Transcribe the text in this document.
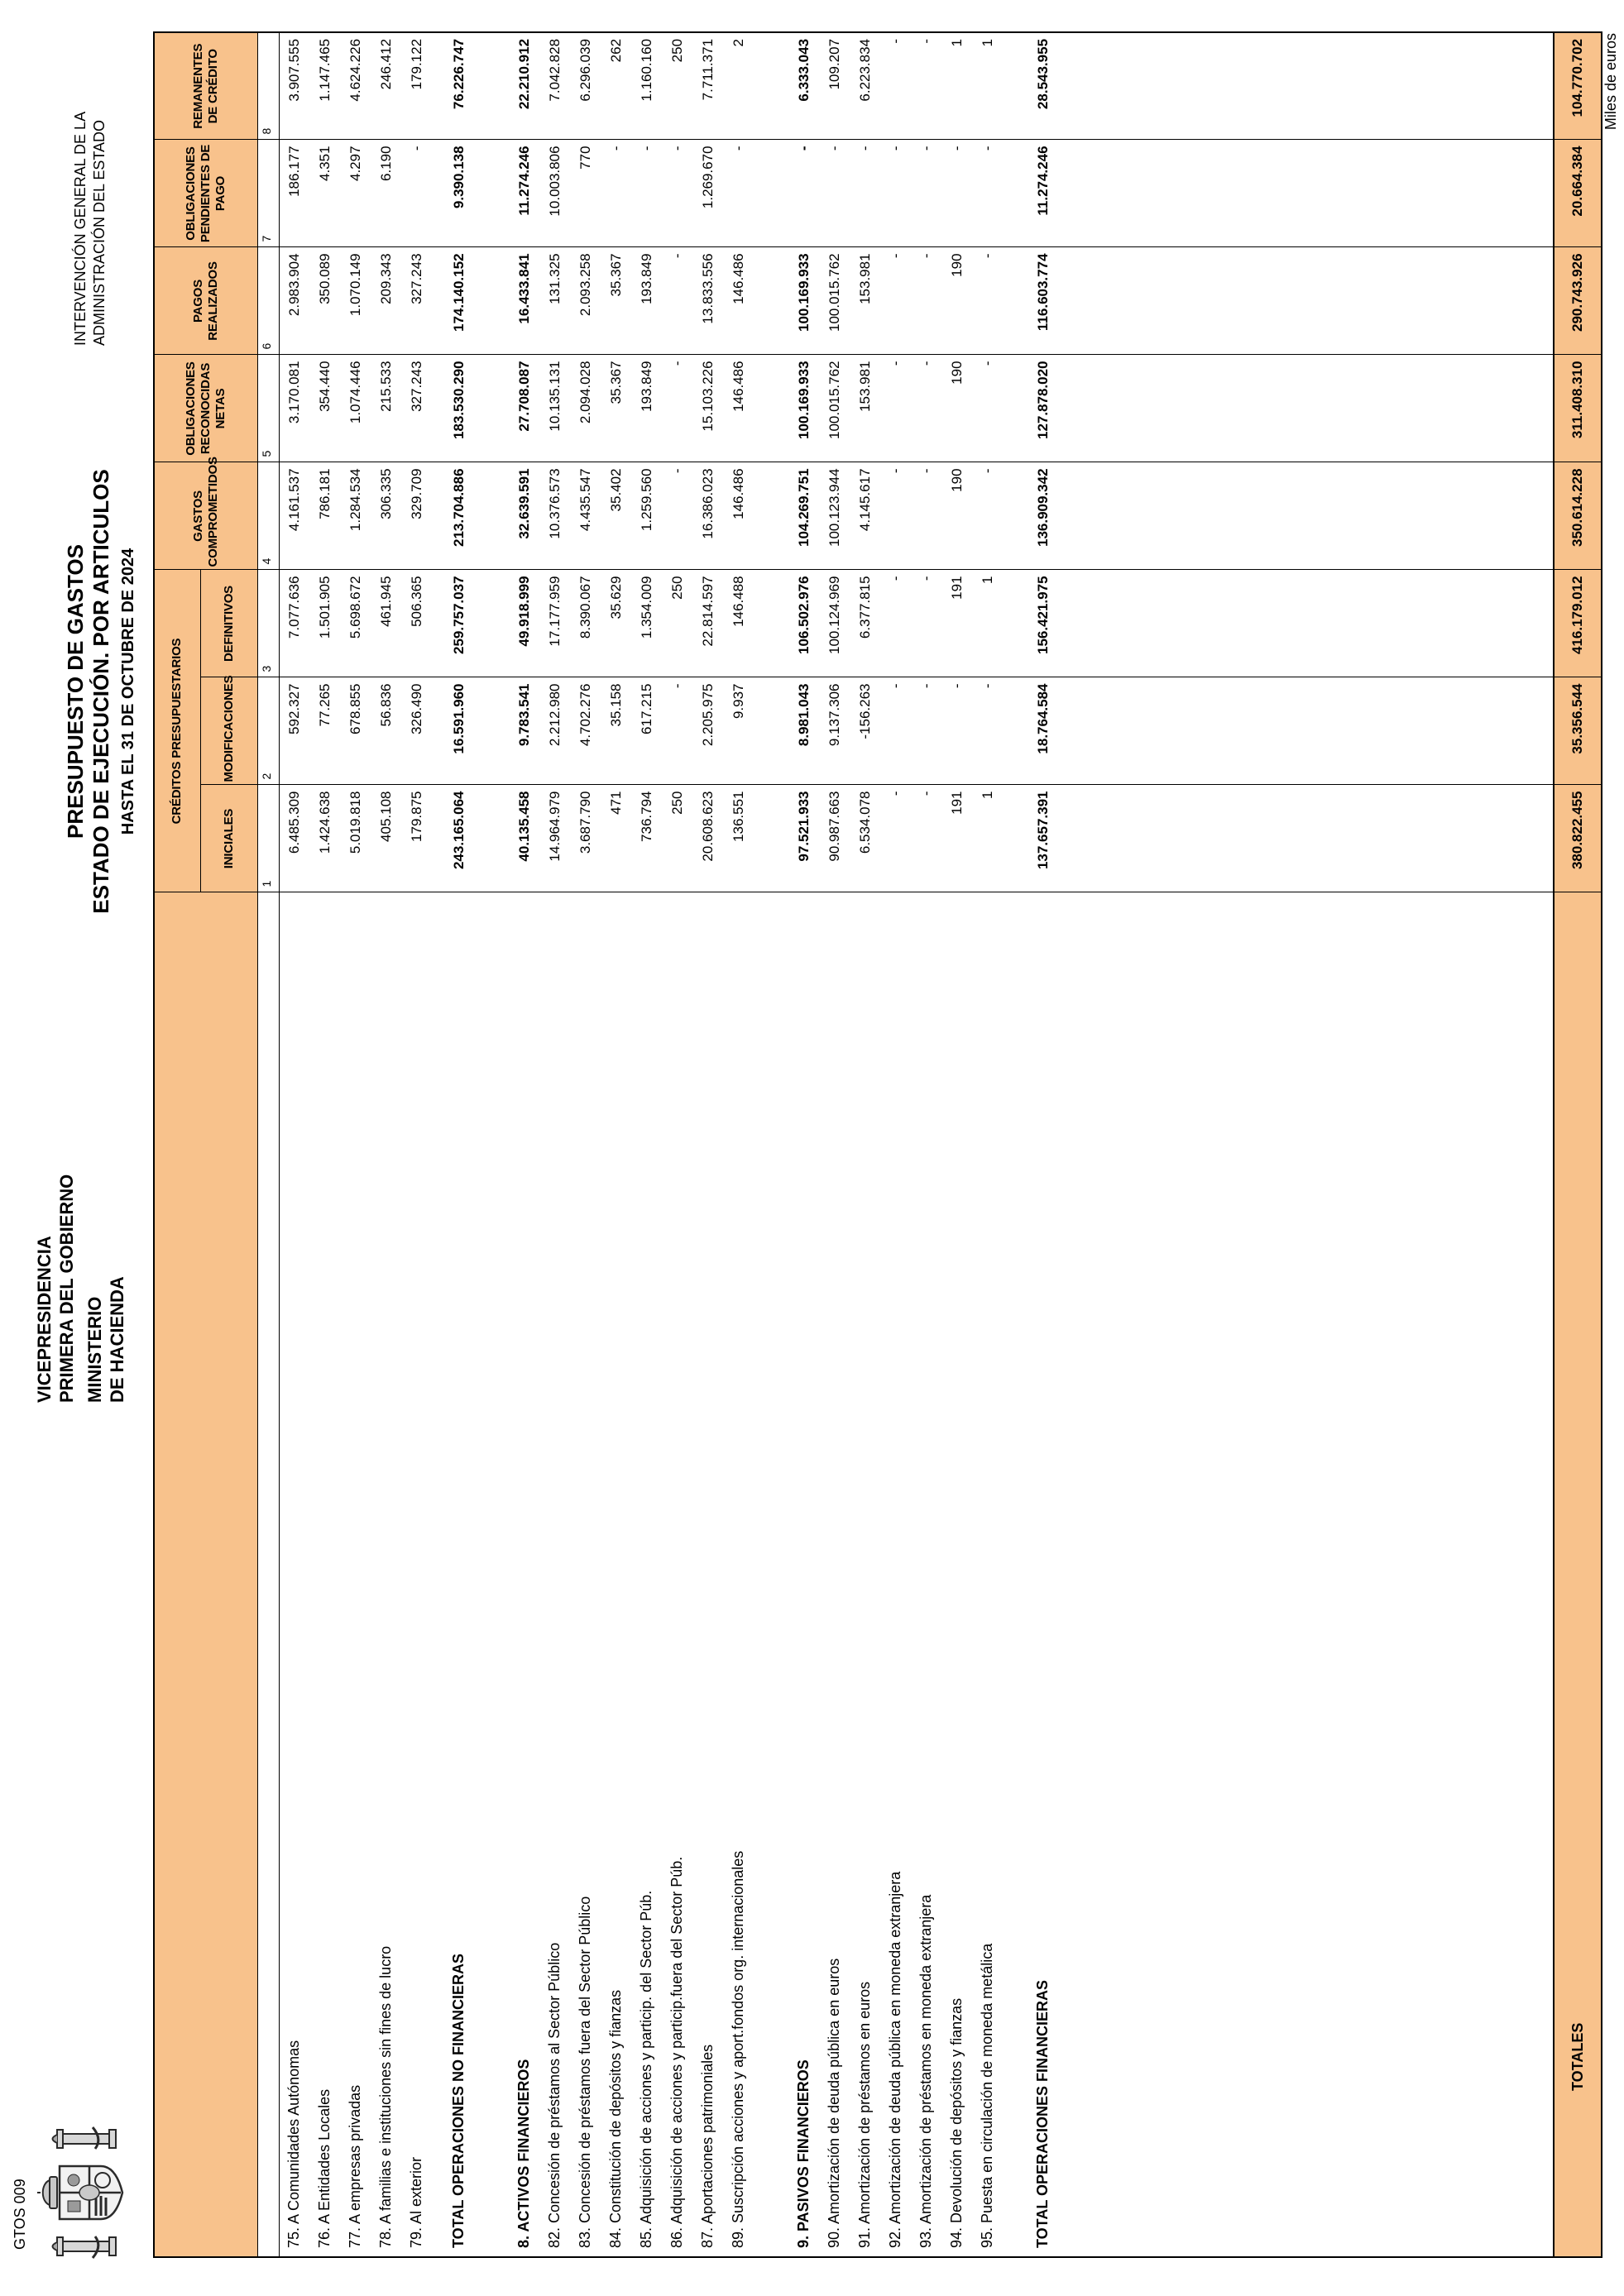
GTOS 009
VICEPRESIDENCIA PRIMERA DEL GOBIERNO MINISTERIO DE HACIENDA
PRESUPUESTO DE GASTOS ESTADO DE EJECUCIÓN. POR ARTICULOS HASTA EL 31 DE OCTUBRE DE 2024
INTERVENCIÓN GENERAL DE LA ADMINISTRACIÓN DEL ESTADO
Miles de euros
	CRÉDITOS PRESUPUESTARIOS			GASTOS COMPROMETIDOS	OBLIGACIONES RECONOCIDAS NETAS	PAGOS REALIZADOS	OBLIGACIONES PENDIENTES DE PAGO	REMANENTES DE CRÉDITO
	INICIALES	MODIFICACIONES	DEFINITIVOS					
	1	2	3	4	5	6	7	8
75. A Comunidades Autónomas	6.485.309	592.327	7.077.636	4.161.537	3.170.081	2.983.904	186.177	3.907.555
76. A Entidades Locales	1.424.638	77.265	1.501.905	786.181	354.440	350.089	4.351	1.147.465
77. A empresas privadas	5.019.818	678.855	5.698.672	1.284.534	1.074.446	1.070.149	4.297	4.624.226
78. A familias e instituciones sin fines de lucro	405.108	56.836	461.945	306.335	215.533	209.343	6.190	246.412
79. Al exterior	179.875	326.490	506.365	329.709	327.243	327.243	-	179.122

TOTAL OPERACIONES NO FINANCIERAS	243.165.064	16.591.960	259.757.037	213.704.886	183.530.290	174.140.152	9.390.138	76.226.747

8. ACTIVOS FINANCIEROS	40.135.458	9.783.541	49.918.999	32.639.591	27.708.087	16.433.841	11.274.246	22.210.912
82. Concesión de préstamos al Sector Público	14.964.979	2.212.980	17.177.959	10.376.573	10.135.131	131.325	10.003.806	7.042.828
83. Concesión de préstamos fuera del Sector Público	3.687.790	4.702.276	8.390.067	4.435.547	2.094.028	2.093.258	770	6.296.039
84. Constitución de depósitos y fianzas	471	35.158	35.629	35.402	35.367	35.367	-	262
85. Adquisición de acciones y particip. del Sector Púb.	736.794	617.215	1.354.009	1.259.560	193.849	193.849	-	1.160.160
86. Adquisición de acciones y particip.fuera del Sector Púb.	250	-	250	-	-	-	-	250
87. Aportaciones patrimoniales	20.608.623	2.205.975	22.814.597	16.386.023	15.103.226	13.833.556	1.269.670	7.711.371
89. Suscripción acciones y aport.fondos org. internacionales	136.551	9.937	146.488	146.486	146.486	146.486	-	2

9. PASIVOS FINANCIEROS	97.521.933	8.981.043	106.502.976	104.269.751	100.169.933	100.169.933	-	6.333.043
90. Amortización de deuda pública en euros	90.987.663	9.137.306	100.124.969	100.123.944	100.015.762	100.015.762	-	109.207
91. Amortización de préstamos en euros	6.534.078	-156.263	6.377.815	4.145.617	153.981	153.981	-	6.223.834
92. Amortización de deuda pública en moneda extranjera	-	-	-	-	-	-	-	-
93. Amortización de préstamos en moneda extranjera	-	-	-	-	-	-	-	-
94. Devolución de depósitos y fianzas	191	-	191	190	190	190	-	1
95. Puesta en circulación de moneda metálica	1	-	1	-	-	-	-	1

TOTAL OPERACIONES FINANCIERAS	137.657.391	18.764.584	156.421.975	136.909.342	127.878.020	116.603.774	11.274.246	28.543.955

TOTALES	380.822.455	35.356.544	416.179.012	350.614.228	311.408.310	290.743.926	20.664.384	104.770.702
